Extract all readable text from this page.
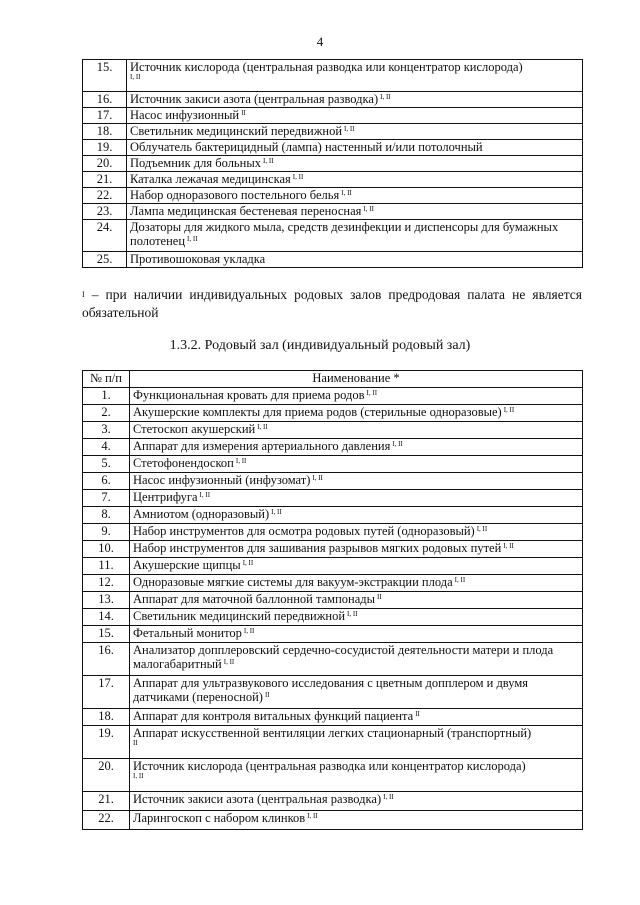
4
15.	Источник кислорода (центральная разводка или концентратор кислорода)
I, II

16.	Источник закиси азота (центральная разводка) $^{I, II}$
17.	Насос инфузионный $^{II}$
18.	Светильник медицинский передвижной $^{I, II}$
19.	Облучатель бактерицидный (лампа) настенный и/или потолочный
20.	Подъемник для больных $^{I, II}$
21.	Каталка лежачая медицинская $^{I, II}$
22.	Набор одноразового постельного белья $^{I, II}$
23.	Лампа медицинская бестеневая переносная $^{I, II}$
24.	Дозаторы для жидкого мыла, средств дезинфекции и диспенсоры для бумажных полотенец $^{I, II}$
25.	Противошоковая укладка
$^I$ – при наличии индивидуальных родовых залов предродовая палата не является обязательной
1.3.2. Родовый зал (индивидуальный родовый зал)
№ п/п	Наименование *
1.	Функциональная кровать для приема родов $^{I, II}$
2.	Акушерские комплекты для приема родов (стерильные одноразовые) $^{I, II}$
3.	Стетоскоп акушерский $^{I, II}$
4.	Аппарат для измерения артериального давления $^{I, II}$
5.	Стетофонендоскоп $^{I, II}$
6.	Насос инфузионный (инфузомат) $^{I, II}$
7.	Центрифуга $^{I, II}$
8.	Амниотом (одноразовый) $^{I, II}$
9.	Набор инструментов для осмотра родовых путей (одноразовый) $^{I, II}$
10.	Набор инструментов для зашивания разрывов мягких родовых путей $^{I, II}$
11.	Акушерские щипцы $^{I, II}$
12.	Одноразовые мягкие системы для вакуум-экстракции плода $^{I, II}$
13.	Аппарат для маточной баллонной тампонады $^{II}$
14.	Светильник медицинский передвижной $^{I, II}$
15.	Фетальный монитор $^{I, II}$
16.	Анализатор допплеровский сердечно-сосудистой деятельности матери и плода малогабаритный $^{I, II}$
17.	Аппарат для ультразвукового исследования с цветным допплером и двумя датчиками (переносной) $^{II}$
18.	Аппарат для контроля витальных функций пациента $^{II}$
19.	Аппарат искусственной вентиляции легких стационарный (транспортный)
II

20.	Источник кислорода (центральная разводка или концентратор кислорода)
I, II

21.	Источник закиси азота (центральная разводка) $^{I, II}$
22.	Ларингоскоп с набором клинков $^{I, II}$
